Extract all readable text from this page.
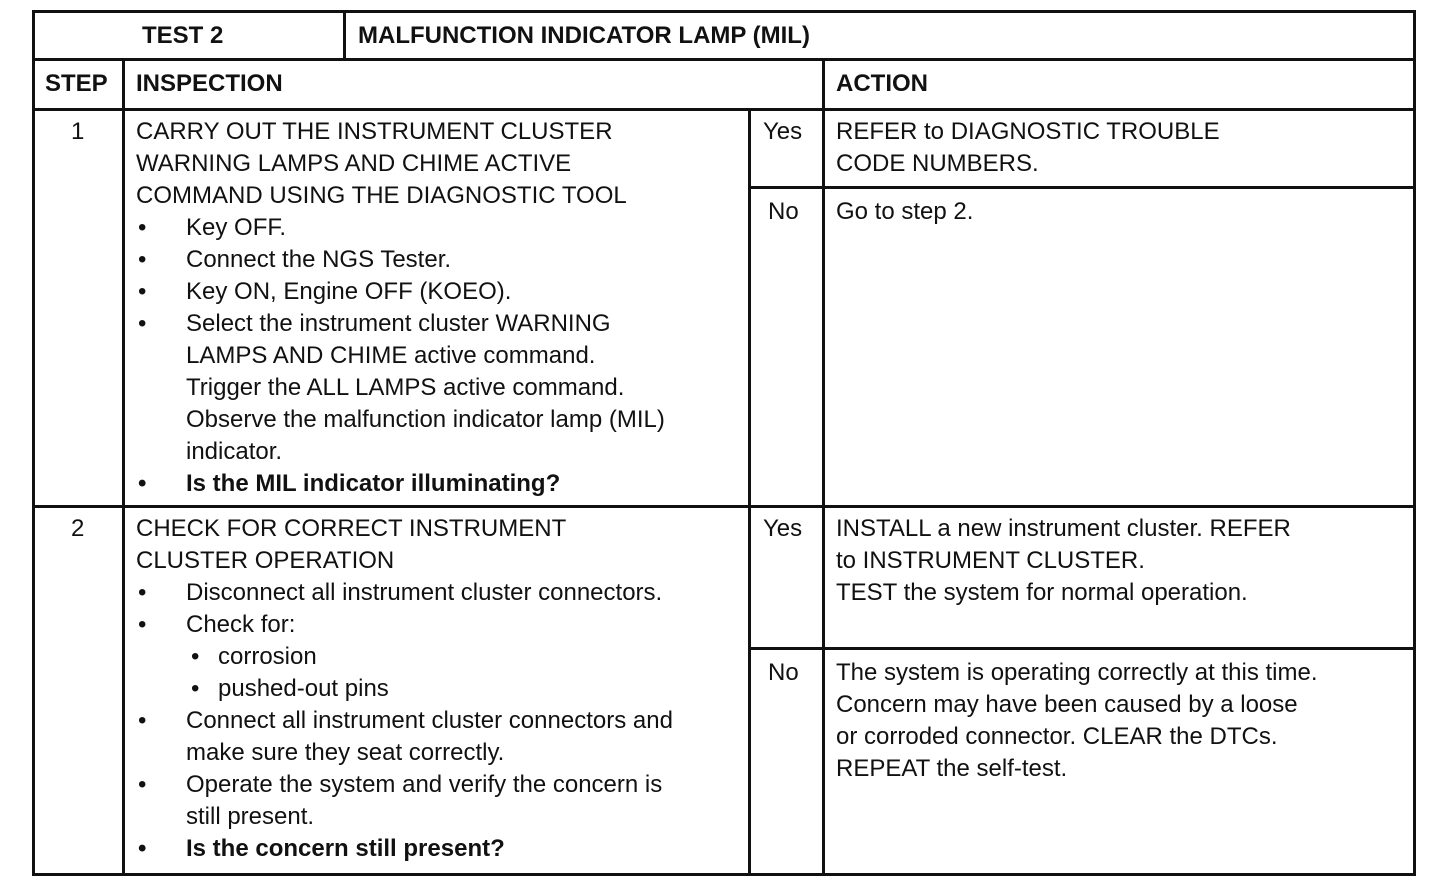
TEST 2	MALFUNCTION INDICATOR LAMP (MIL)
STEP INSPECTION	ACTION
1 CARRY OUT THE INSTRUMENT CLUSTER
WARNING LAMPS AND CHIME ACTIVE
COMMAND USING THE DIAGNOSTIC TOOL
• Key OFF.
• Connect the NGS Tester.
• Key ON, Engine OFF (KOEO).
• Select the instrument cluster WARNING
LAMPS AND CHIME active command.
Trigger the ALL LAMPS active command.
Observe the malfunction indicator lamp (MIL)
indicator.
• Is the MIL indicator illuminating?
Yes
No
REFER to DIAGNOSTIC TROUBLE
CODE NUMBERS.
Go to step 2.
2 CHECK FOR CORRECT INSTRUMENT
CLUSTER OPERATION
• Disconnect all instrument cluster connectors.
• Check for:
• corrosion
• pushed-out pins
• Connect all instrument cluster connectors and
make sure they seat correctly.
• Operate the system and verify the concern is
still present.
• Is the concern still present?
Yes
No
INSTALL a new instrument cluster. REFER
to INSTRUMENT CLUSTER.
TEST the system for normal operation.
The system is operating correctly at this time.
Concern may have been caused by a loose
or corroded connector. CLEAR the DTCs.
REPEAT the self-test.
